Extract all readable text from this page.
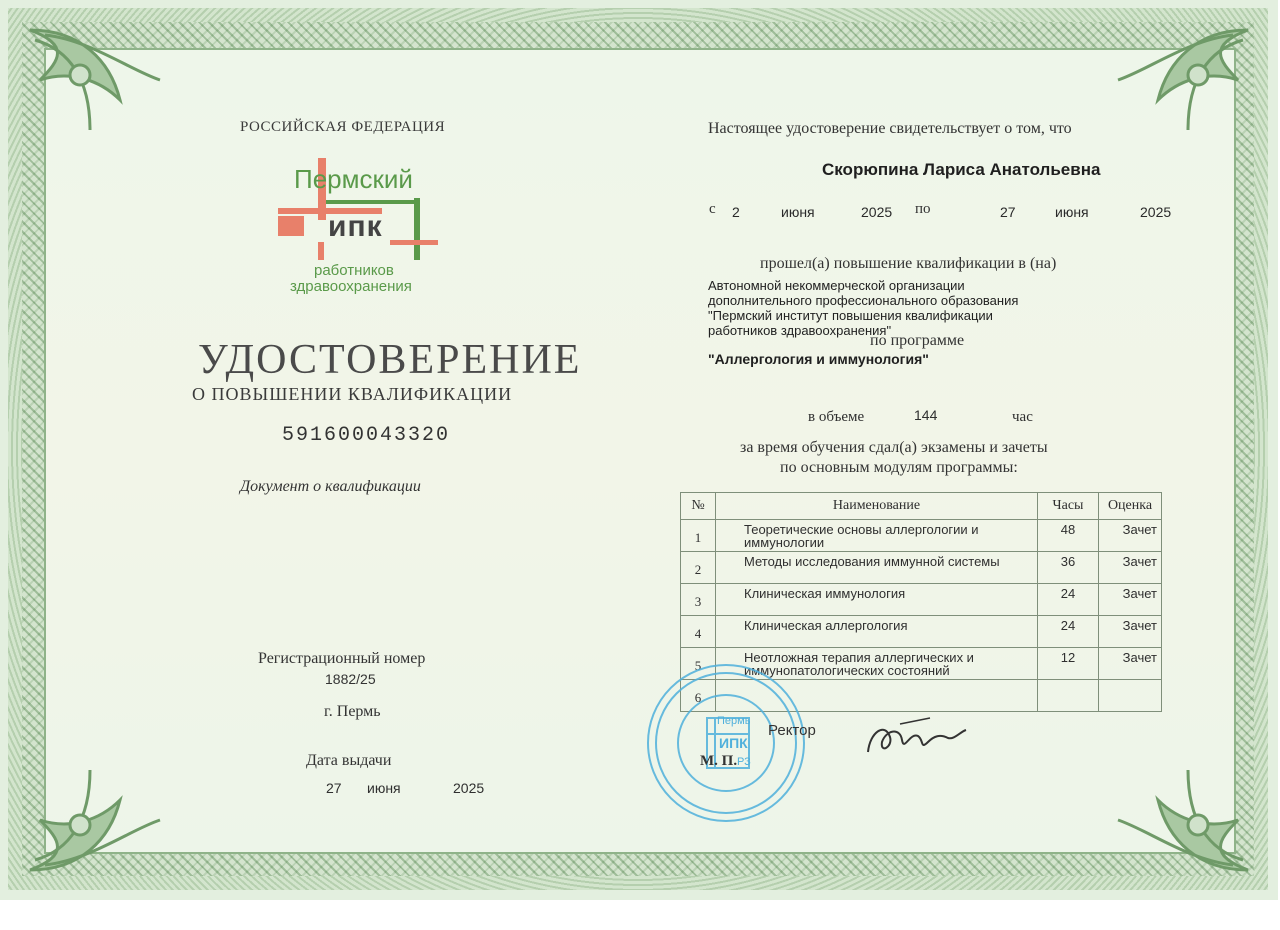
РОССИЙСКАЯ ФЕДЕРАЦИЯ
Пермский
ипк
работников
здравоохранения
УДОСТОВЕРЕНИЕ
О ПОВЫШЕНИИ КВАЛИФИКАЦИИ
591600043320
Документ о квалификации
Регистрационный номер
1882/25
г. Пермь
Дата выдачи
27 июня	2025
Настоящее удостоверение свидетельствует о том, что
Скорюпина Лариса Анатольевна
с 2	июня	2025 по	27	июня	2025
прошел(а) повышение квалификации в (на)
Автономной некоммерческой организации
дополнительного профессионального образования
"Пермский институт повышения квалификации
работников здравоохранения"
по программе
"Аллергология и иммунология"
в объеме	144	час
за время обучения сдал(а) экзамены и зачеты
по основным модулям программы:
№	Наименование	Часы	Оценка
1	Теоретические основы аллергологии и иммунологии	48	Зачет
2	Методы исследования иммунной системы	36	Зачет
3	Клиническая иммунология	24	Зачет
4	Клиническая аллергология	24	Зачет
5	Неотложная терапия аллергических и иммунопатологических состояний	12	Зачет
6			
Пермь
ИПК
РЗ
М. П.
Ректор
